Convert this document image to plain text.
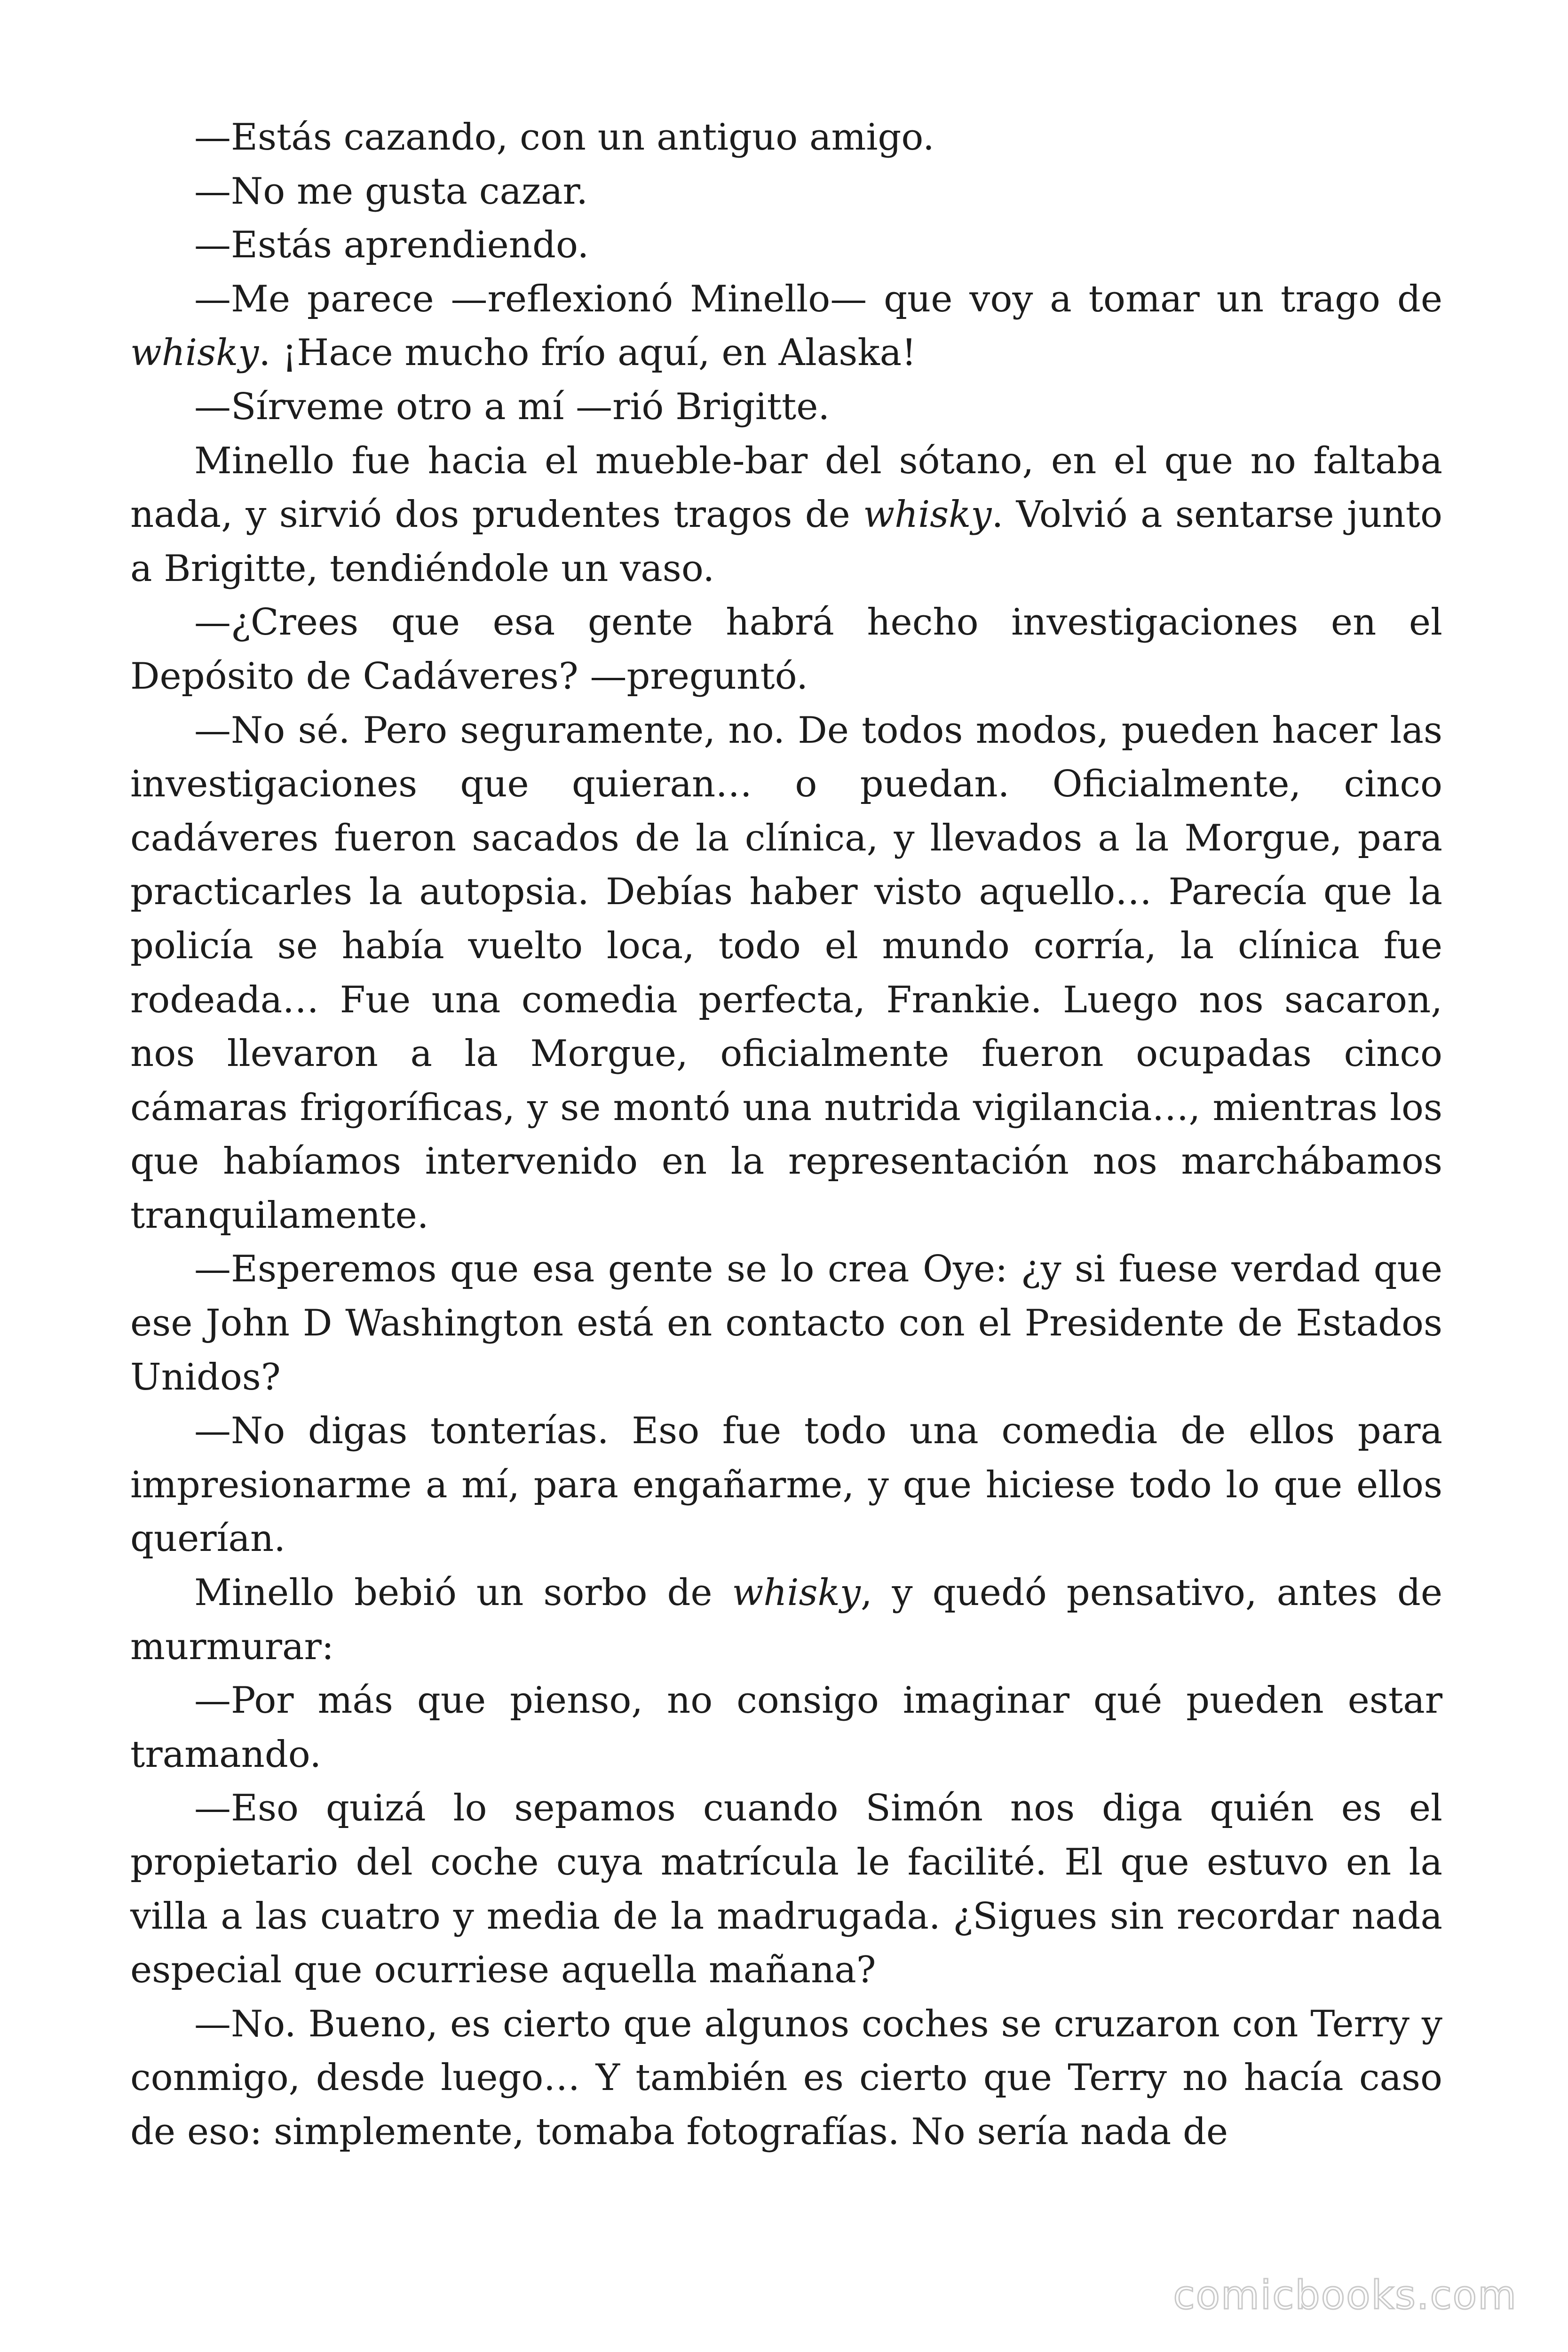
—Estás cazando, con un antiguo amigo.

—No me gusta cazar.

—Estás aprendiendo.

—Me parece —reflexionó Minello— que voy a tomar un trago de whisky. ¡Hace mucho frío aquí, en Alaska!

—Sírveme otro a mí —rió Brigitte.

Minello fue hacia el mueble-bar del sótano, en el que no faltaba nada, y sirvió dos prudentes tragos de whisky. Volvió a sentarse junto a Brigitte, tendiéndole un vaso.

—¿Crees que esa gente habrá hecho investigaciones en el Depósito de Cadáveres? —preguntó.

—No sé. Pero seguramente, no. De todos modos, pueden hacer las investigaciones que quieran… o puedan. Oficialmente, cinco cadáveres fueron sacados de la clínica, y llevados a la Morgue, para practicarles la autopsia. Debías haber visto aquello… Parecía que la policía se había vuelto loca, todo el mundo corría, la clínica fue rodeada… Fue una comedia perfecta, Frankie. Luego nos sacaron, nos llevaron a la Morgue, oficialmente fueron ocupadas cinco cámaras frigoríficas, y se montó una nutrida vigilancia…, mientras los que habíamos intervenido en la representación nos marchábamos tranquilamente.

—Esperemos que esa gente se lo crea Oye: ¿y si fuese verdad que ese John D Washington está en contacto con el Presidente de Estados Unidos?

—No digas tonterías. Eso fue todo una comedia de ellos para impresionarme a mí, para engañarme, y que hiciese todo lo que ellos querían.

Minello bebió un sorbo de whisky, y quedó pensativo, antes de murmurar:

—Por más que pienso, no consigo imaginar qué pueden estar tramando.

—Eso quizá lo sepamos cuando Simón nos diga quién es el propietario del coche cuya matrícula le facilité. El que estuvo en la villa a las cuatro y media de la madrugada. ¿Sigues sin recordar nada especial que ocurriese aquella mañana?

—No. Bueno, es cierto que algunos coches se cruzaron con Terry y conmigo, desde luego… Y también es cierto que Terry no hacía caso de eso: simplemente, tomaba fotografías. No sería nada de

comicbooks.com
